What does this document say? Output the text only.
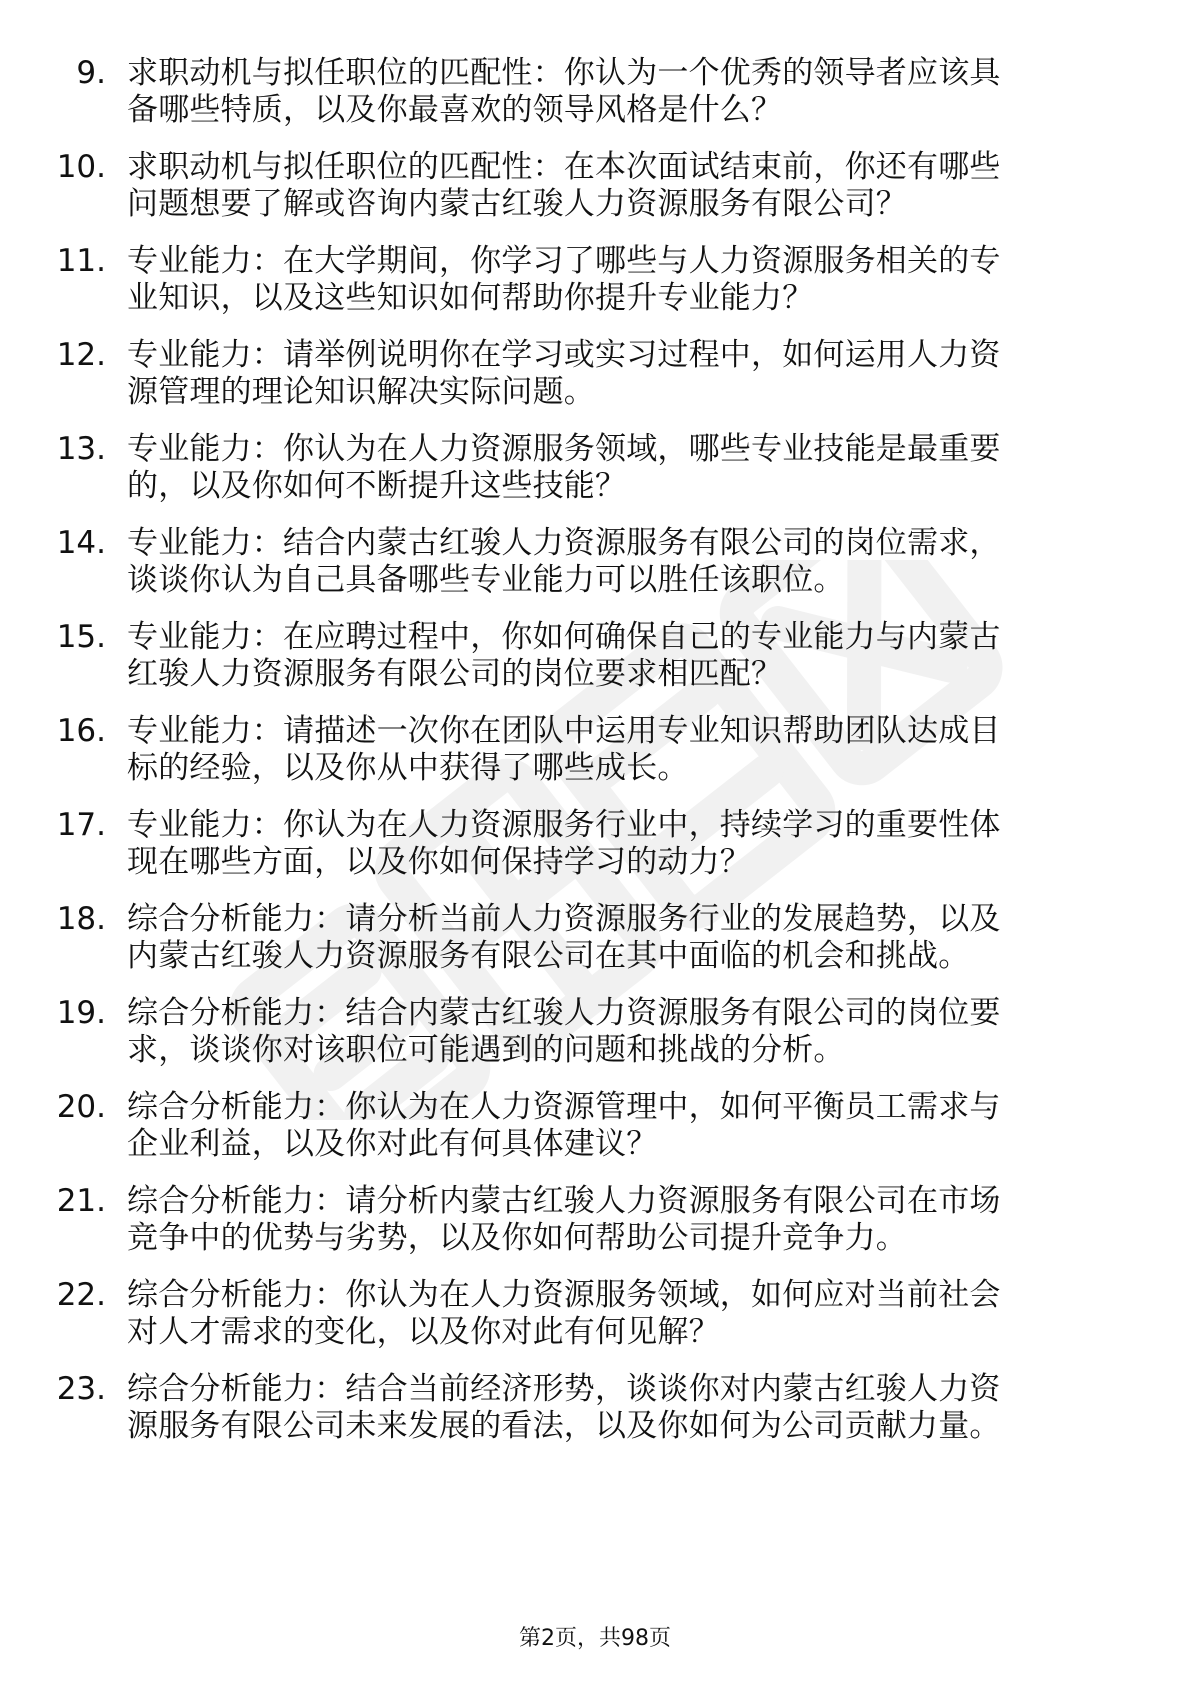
9. 求职动机与拟任职位的匹配性：你认为一个优秀的领导者应该具
备哪些特质，以及你最喜欢的领导风格是什么？
10. 求职动机与拟任职位的匹配性：在本次面试结束前，你还有哪些
问题想要了解或咨询内蒙古红骏人力资源服务有限公司？
11. 专业能力：在大学期间，你学习了哪些与人力资源服务相关的专
业知识，以及这些知识如何帮助你提升专业能力？
12. 专业能力：请举例说明你在学习或实习过程中，如何运用人力资
源管理的理论知识解决实际问题。
13. 专业能力：你认为在人力资源服务领域，哪些专业技能是最重要
的，以及你如何不断提升这些技能？
14. 专业能力：结合内蒙古红骏人力资源服务有限公司的岗位需求，
谈谈你认为自己具备哪些专业能力可以胜任该职位。
15. 专业能力：在应聘过程中，你如何确保自己的专业能力与内蒙古
红骏人力资源服务有限公司的岗位要求相匹配？
16. 专业能力：请描述一次你在团队中运用专业知识帮助团队达成目
标的经验，以及你从中获得了哪些成长。
17. 专业能力：你认为在人力资源服务行业中，持续学习的重要性体
现在哪些方面，以及你如何保持学习的动力？
18. 综合分析能力：请分析当前人力资源服务行业的发展趋势，以及
内蒙古红骏人力资源服务有限公司在其中面临的机会和挑战。
19. 综合分析能力：结合内蒙古红骏人力资源服务有限公司的岗位要
求，谈谈你对该职位可能遇到的问题和挑战的分析。
20. 综合分析能力：你认为在人力资源管理中，如何平衡员工需求与
企业利益，以及你对此有何具体建议？
21. 综合分析能力：请分析内蒙古红骏人力资源服务有限公司在市场
竞争中的优势与劣势，以及你如何帮助公司提升竞争力。
22. 综合分析能力：你认为在人力资源服务领域，如何应对当前社会
对人才需求的变化，以及你对此有何见解？
23. 综合分析能力：结合当前经济形势，谈谈你对内蒙古红骏人力资
源服务有限公司未来发展的看法，以及你如何为公司贡献力量。
第2页，共98页
